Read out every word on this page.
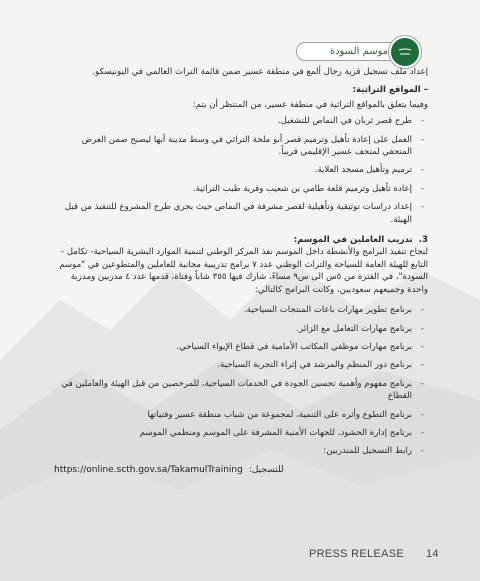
موسم السودة

إعداد ملف تسجيل قرية رجال ألمع في منطقة عسير ضمن قائمة التراث العالمي في اليونيسكو.

– المواقع التراثية:

وفيما يتعلق بالمواقع التراثية في منطقة عسير، من المنتظر أن يتم:

-
طرح قصر ثربان في النماص للتشغيل.
-
العمل على إعادة تأهيل وترميم قصر أبو ملحة التراثي في وسط مدينة أبها ليصبح ضمن العرض المتحفي لمتحف عسير الإقليمي قريباً.
-
ترميم وتأهيل مسجد العلاية.
-
إعادة تأهيل وترميم قلعة طامي بن شعيب وقرية طبب التراثية.
-
إعداد دراسات توثيقية وتأهيلية لقصر مشرفة في النماص حيث يجري طرح المشروع للتنفيذ من قبل الهيئة.
3.
تدريب العاملين في الموسم:

لنجاح تنفيذ البرامج والأنشطة داخل الموسم نفذ المركز الوطني لتنمية الموارد البشرية السياحية- تكامل - التابع للهيئة العامة للسياحة والتراث الوطني عدد ٧ برامج تدريبية مجانية للعاملين والمتطوعين في "موسم السودة"، في الفترة من ٥س الى س٩ مساءً، شارك فيها ٣٥٥ شاباً وفتاة، قدمها عدد ٤ مدربين ومدربة واحدة وجميعهم سعوديين، وكانت البرامج كالتالي:

-
برنامج تطوير مهارات باعات المنتجات السياحية.
-
برنامج مهارات التعامل مع الزائر.
-
برنامج مهارات موظفي المكاتب الأمامية في قطاع الإيواء السياحي.
-
برنامج دور المنظم والمرشد في إثراء التجربة السياحية.
-
برنامج مفهوم وأهمية تحسين الجودة في الخدمات السياحية، للمرخصين من قبل الهيئة والعاملين في القطاع
-
برنامج التطوع وأثره على التنمية، لمجموعة من شباب منطقة عسير وفتياتها
-
برنامج إدارة الحشود، للجهات الأمنية المشرفة على الموسم ومنظمي الموسم
-
رابط التسجيل للمتدربين:
للتسجيل:
https://online.scth.gov.sa/TakamulTraining
PRESS RELEASE 14
